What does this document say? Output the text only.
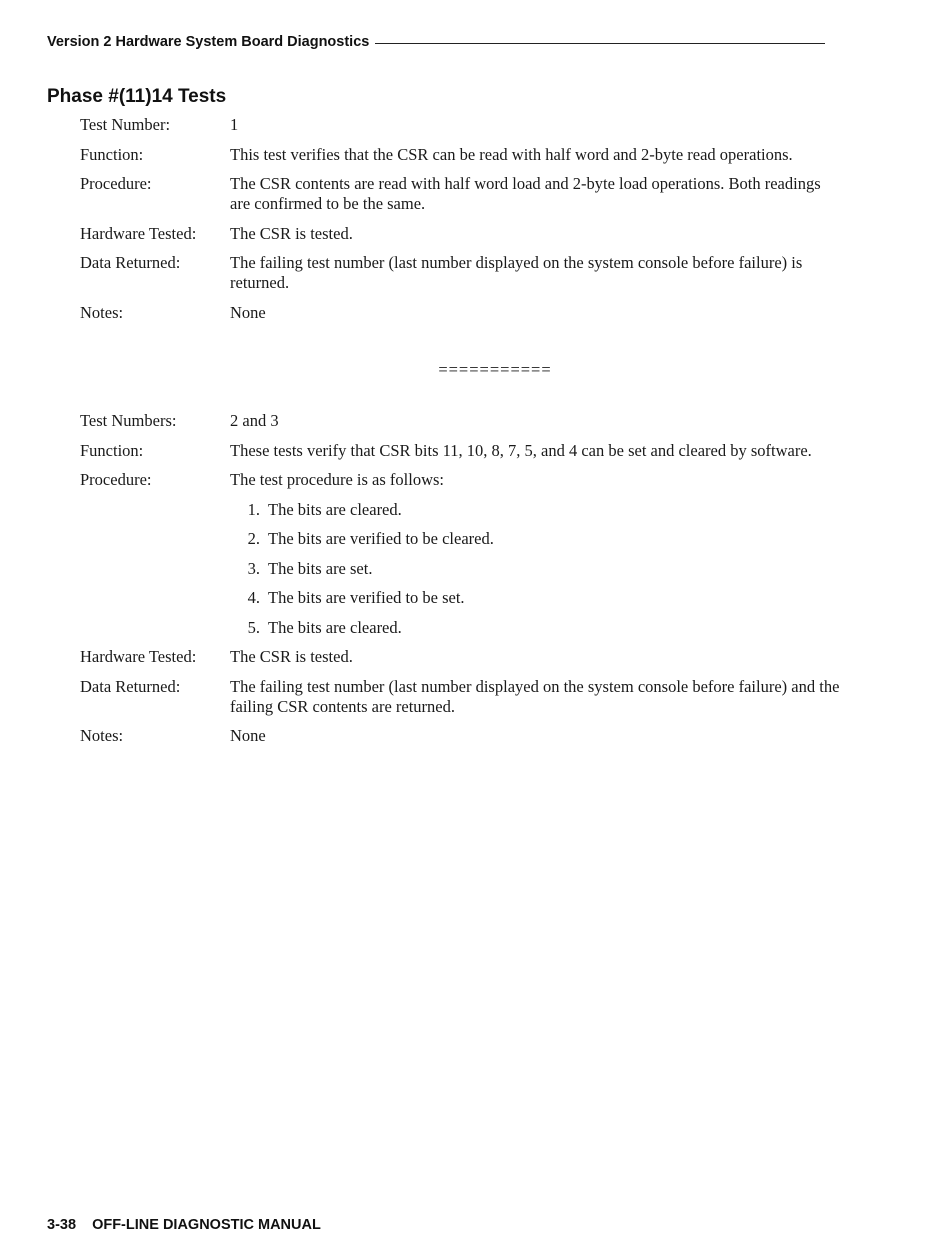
Version 2 Hardware System Board Diagnostics
Phase #(11)14 Tests
Test Number:	1
Function:	This test verifies that the CSR can be read with half word and 2-byte read operations.
Procedure:	The CSR contents are read with half word load and 2-byte load operations. Both readings are confirmed to be the same.
Hardware Tested:	The CSR is tested.
Data Returned:	The failing test number (last number displayed on the system console before failure) is returned.
Notes:	None
===========
Test Numbers:	2 and 3
Function:	These tests verify that CSR bits 11, 10, 8, 7, 5, and 4 can be set and cleared by software.
Procedure:	The test procedure is as follows:
1. The bits are cleared.
2. The bits are verified to be cleared.
3. The bits are set.
4. The bits are verified to be set.
5. The bits are cleared.
Hardware Tested:	The CSR is tested.
Data Returned:	The failing test number (last number displayed on the system console before failure) and the failing CSR contents are returned.
Notes:	None
3-38 OFF-LINE DIAGNOSTIC MANUAL
